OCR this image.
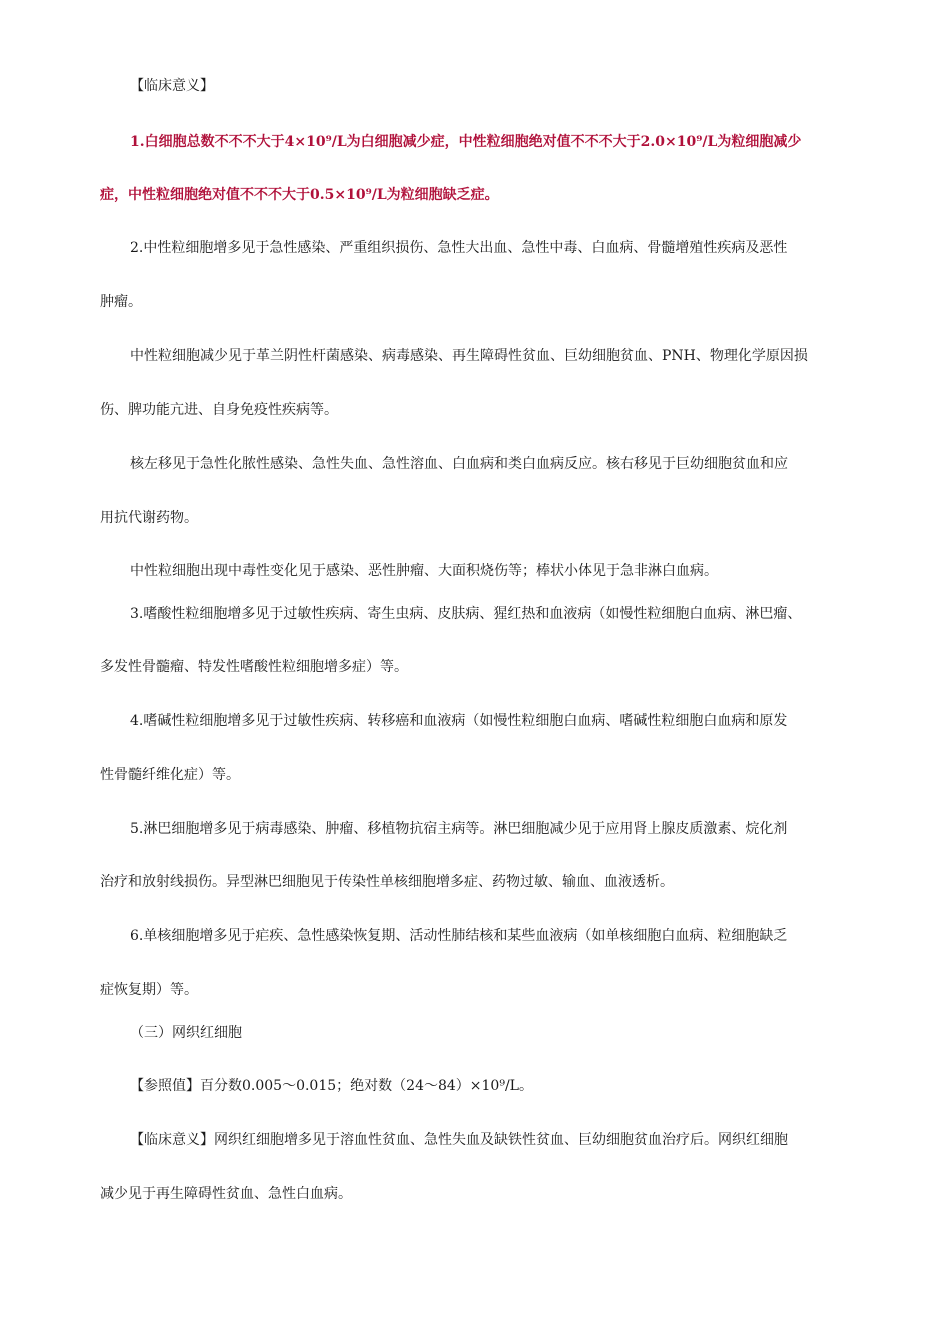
【临床意义】
1.白细胞总数不不不大于4×10⁹/L为白细胞减少症，中性粒细胞绝对值不不不大于2.0×10⁹/L为粒细胞减少
症，中性粒细胞绝对值不不不大于0.5×10⁹/L为粒细胞缺乏症。
2.中性粒细胞增多见于急性感染、严重组织损伤、急性大出血、急性中毒、白血病、骨髓增殖性疾病及恶性
肿瘤。
中性粒细胞减少见于革兰阴性杆菌感染、病毒感染、再生障碍性贫血、巨幼细胞贫血、PNH、物理化学原因损
伤、脾功能亢进、自身免疫性疾病等。
核左移见于急性化脓性感染、急性失血、急性溶血、白血病和类白血病反应。核右移见于巨幼细胞贫血和应
用抗代谢药物。
中性粒细胞出现中毒性变化见于感染、恶性肿瘤、大面积烧伤等；棒状小体见于急非淋白血病。
3.嗜酸性粒细胞增多见于过敏性疾病、寄生虫病、皮肤病、猩红热和血液病（如慢性粒细胞白血病、淋巴瘤、
多发性骨髓瘤、特发性嗜酸性粒细胞增多症）等。
4.嗜碱性粒细胞增多见于过敏性疾病、转移癌和血液病（如慢性粒细胞白血病、嗜碱性粒细胞白血病和原发
性骨髓纤维化症）等。
5.淋巴细胞增多见于病毒感染、肿瘤、移植物抗宿主病等。淋巴细胞减少见于应用肾上腺皮质激素、烷化剂
治疗和放射线损伤。异型淋巴细胞见于传染性单核细胞增多症、药物过敏、输血、血液透析。
6.单核细胞增多见于疟疾、急性感染恢复期、活动性肺结核和某些血液病（如单核细胞白血病、粒细胞缺乏
症恢复期）等。
（三）网织红细胞
【参照值】百分数0.005～0.015；绝对数（24～84）×10⁹/L。
【临床意义】网织红细胞增多见于溶血性贫血、急性失血及缺铁性贫血、巨幼细胞贫血治疗后。网织红细胞
减少见于再生障碍性贫血、急性白血病。
